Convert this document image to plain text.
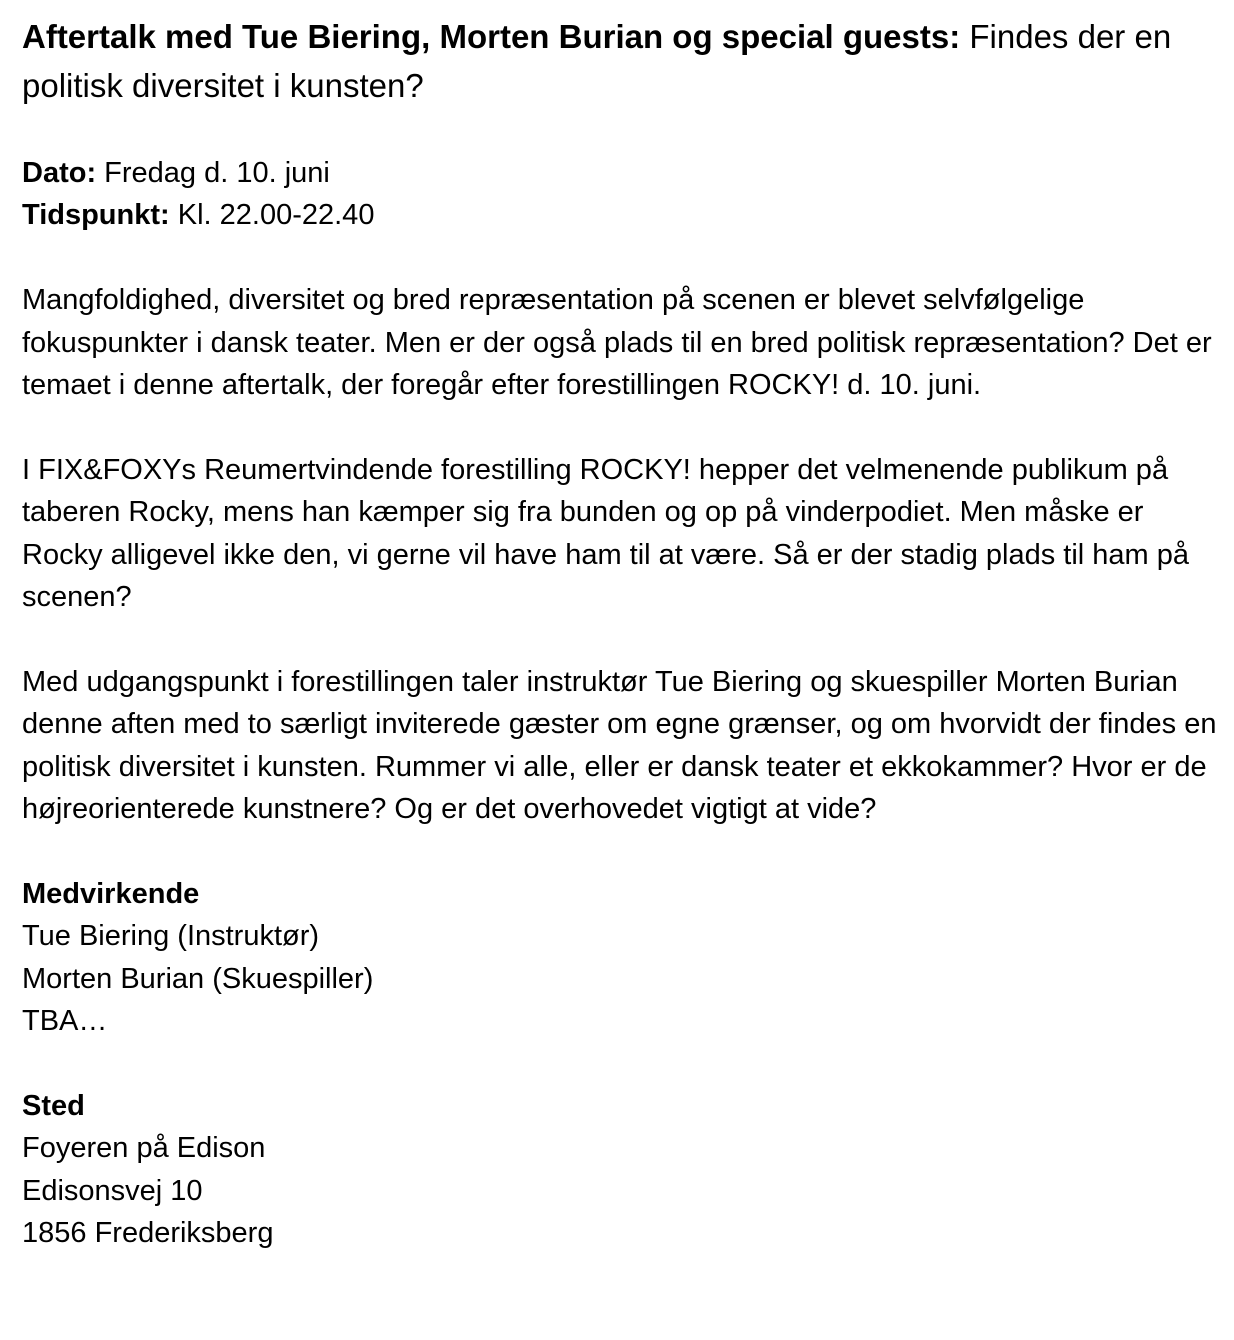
Aftertalk med Tue Biering, Morten Burian og special guests: Findes der en politisk diversitet i kunsten?

Dato: Fredag d. 10. juni

Tidspunkt: Kl. 22.00-22.40

Mangfoldighed, diversitet og bred repræsentation på scenen er blevet selvfølgelige fokuspunkter i dansk teater. Men er der også plads til en bred politisk repræsentation? Det er temaet i denne aftertalk, der foregår efter forestillingen ROCKY! d. 10. juni.

I FIX&FOXYs Reumertvindende forestilling ROCKY! hepper det velmenende publikum på taberen Rocky, mens han kæmper sig fra bunden og op på vinderpodiet. Men måske er Rocky alligevel ikke den, vi gerne vil have ham til at være. Så er der stadig plads til ham på scenen?

Med udgangspunkt i forestillingen taler instruktør Tue Biering og skuespiller Morten Burian denne aften med to særligt inviterede gæster om egne grænser, og om hvorvidt der findes en politisk diversitet i kunsten. Rummer vi alle, eller er dansk teater et ekkokammer? Hvor er de højreorienterede kunstnere? Og er det overhovedet vigtigt at vide?

Medvirkende

Tue Biering (Instruktør)

Morten Burian (Skuespiller)

TBA…

Sted

Foyeren på Edison

Edisonsvej 10

1856 Frederiksberg
